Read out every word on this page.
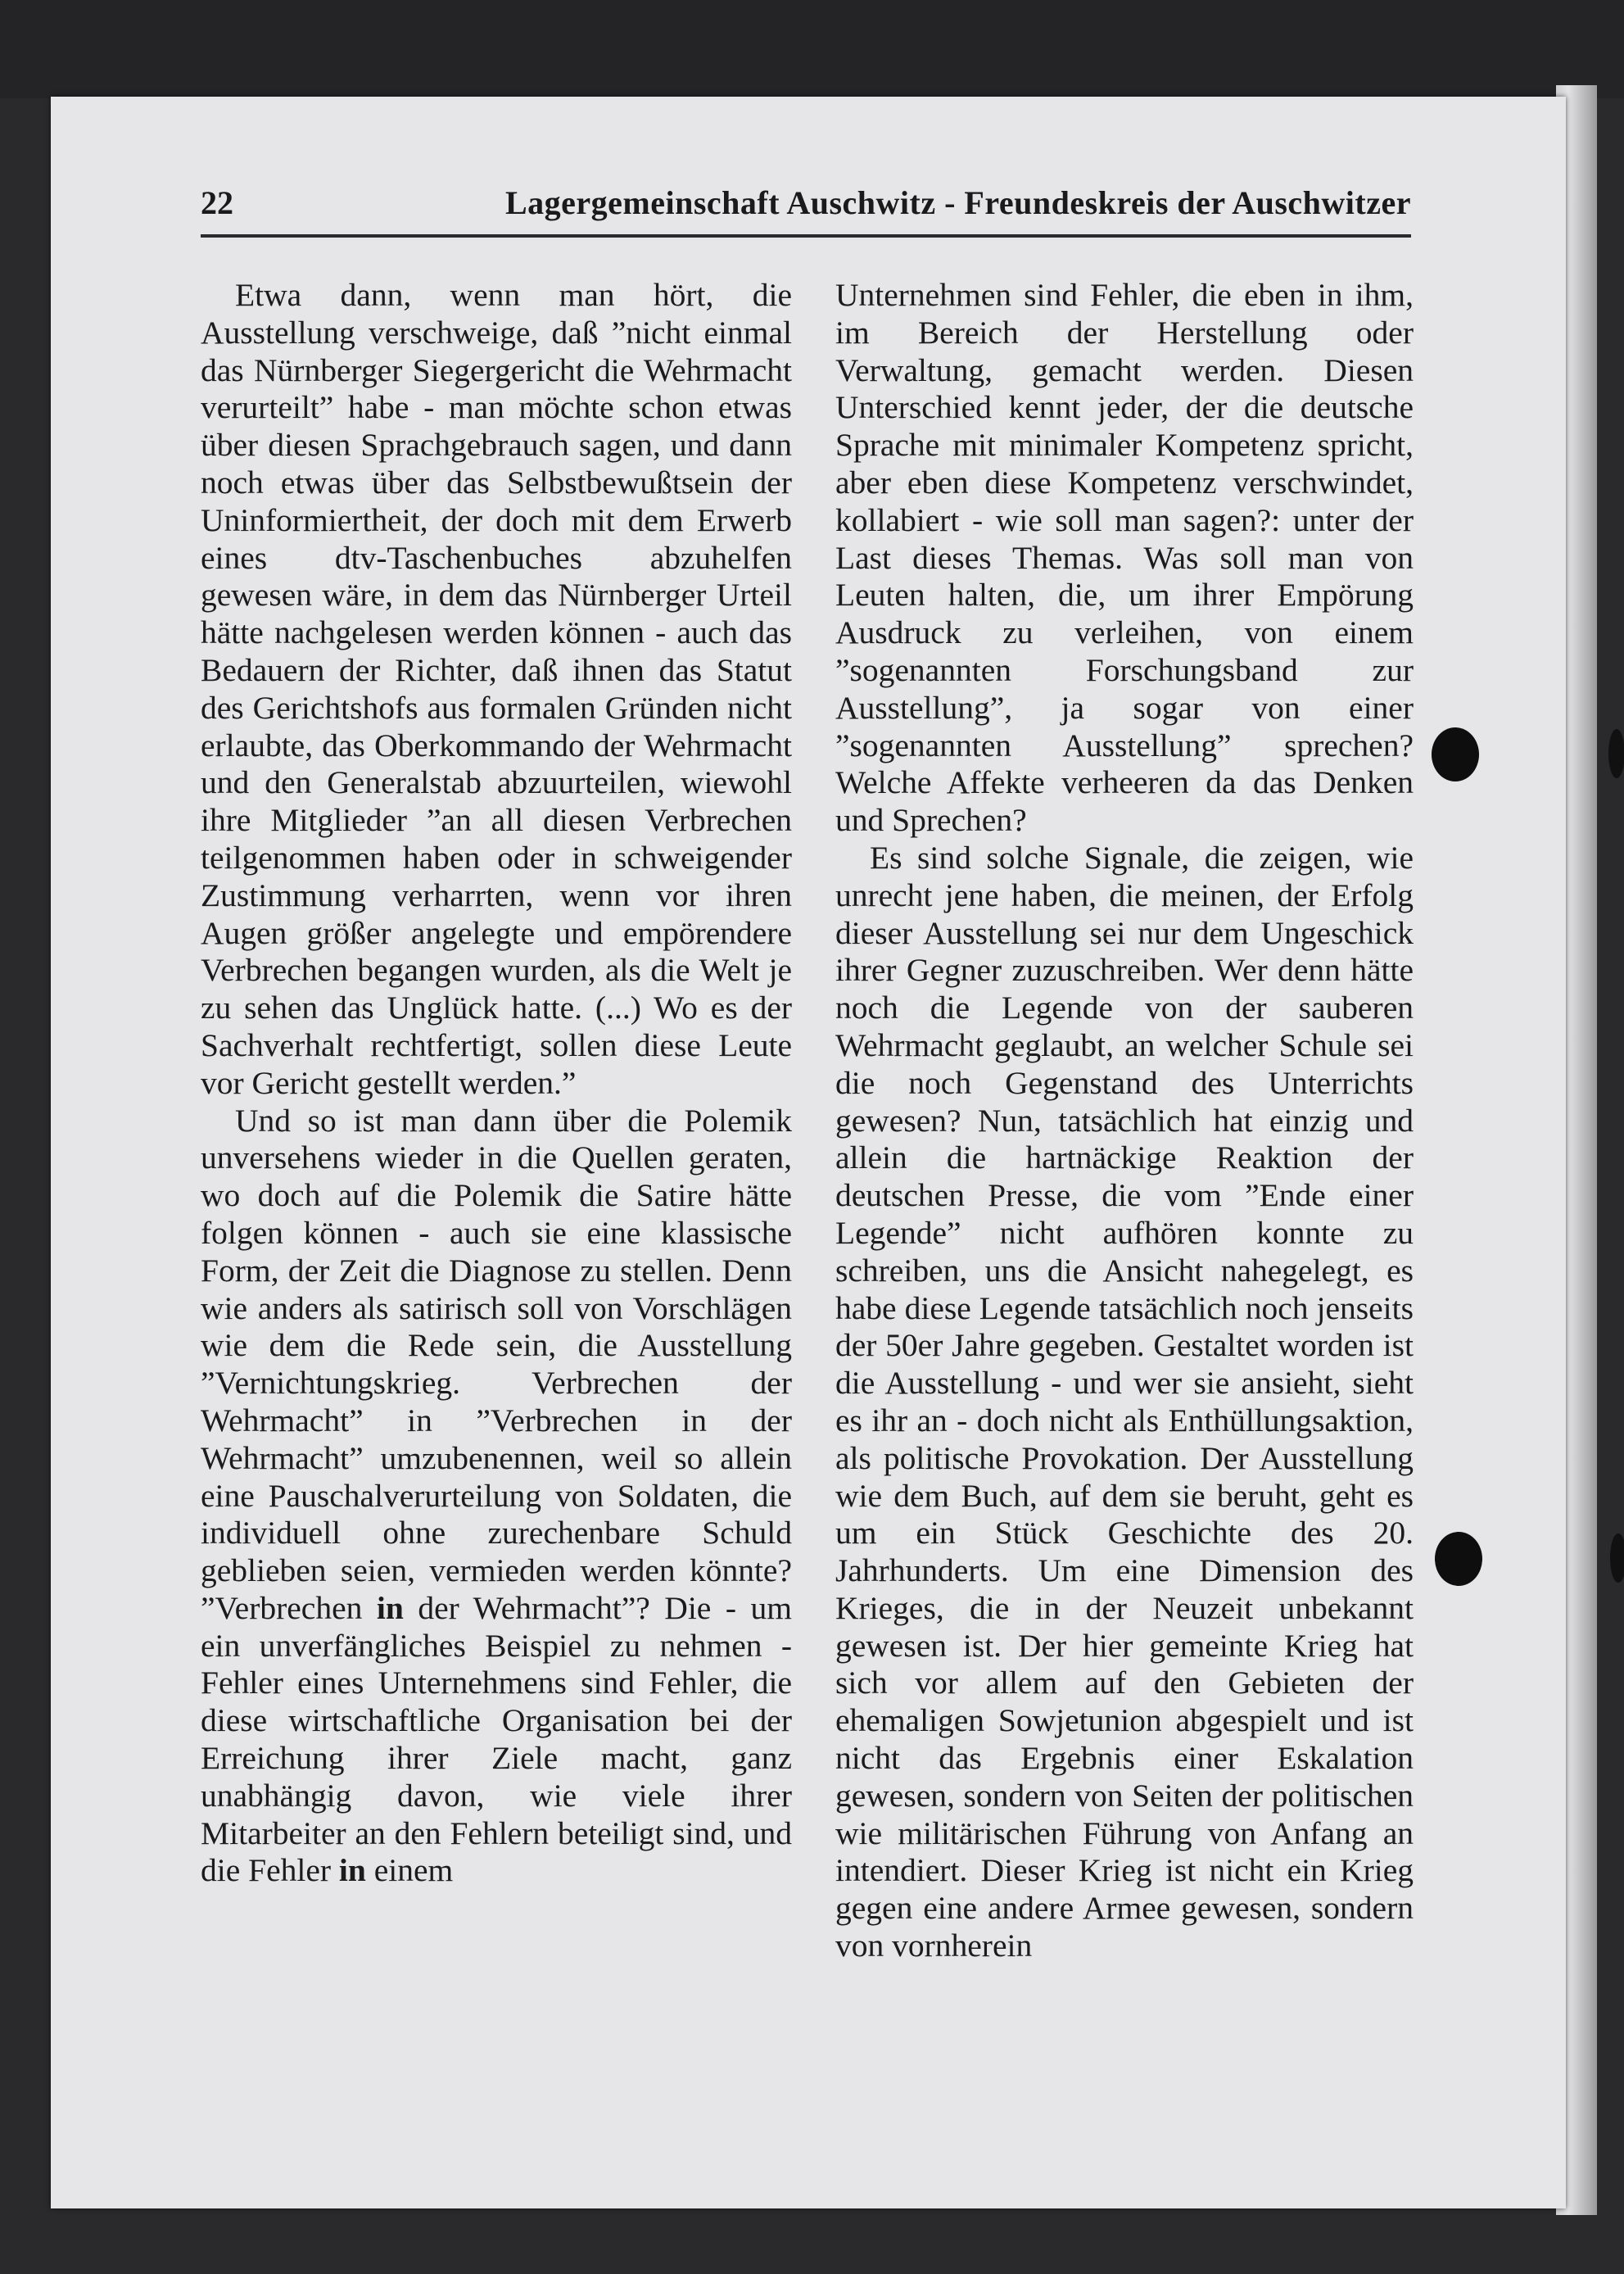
22	Lagergemeinschaft Auschwitz - Freundeskreis der Auschwitzer

Etwa dann, wenn man hört, die Ausstellung verschweige, daß ”nicht einmal das Nürnberger Siegergericht die Wehrmacht verurteilt” habe - man möchte schon etwas über diesen Sprachgebrauch sagen, und dann noch etwas über das Selbstbewußtsein der Uninformiertheit, der doch mit dem Erwerb eines dtv-Taschenbuches abzuhelfen gewesen wäre, in dem das Nürnberger Urteil hätte nachgelesen werden können - auch das Bedauern der Richter, daß ihnen das Statut des Gerichtshofs aus formalen Gründen nicht erlaubte, das Oberkommando der Wehrmacht und den Generalstab abzuurteilen, wiewohl ihre Mitglieder ”an all diesen Verbrechen teilgenommen haben oder in schweigender Zustimmung verharrten, wenn vor ihren Augen größer angelegte und empörendere Verbrechen begangen wurden, als die Welt je zu sehen das Unglück hatte. (...) Wo es der Sachverhalt rechtfertigt, sollen diese Leute vor Gericht gestellt werden.”

Und so ist man dann über die Polemik unversehens wieder in die Quellen geraten, wo doch auf die Polemik die Satire hätte folgen können - auch sie eine klassische Form, der Zeit die Diagnose zu stellen. Denn wie anders als satirisch soll von Vorschlägen wie dem die Rede sein, die Ausstellung ”Vernichtungskrieg. Verbrechen der Wehrmacht” in ”Verbrechen in der Wehrmacht” umzubenennen, weil so allein eine Pauschalverurteilung von Soldaten, die individuell ohne zurechenbare Schuld geblieben seien, vermieden werden könnte? ”Verbrechen in der Wehrmacht”? Die - um ein unverfängliches Beispiel zu nehmen - Fehler eines Unternehmens sind Fehler, die diese wirtschaftliche Organisation bei der Erreichung ihrer Ziele macht, ganz unabhängig davon, wie viele ihrer Mitarbeiter an den Fehlern beteiligt sind, und die Fehler in einem

Unternehmen sind Fehler, die eben in ihm, im Bereich der Herstellung oder Verwaltung, gemacht werden. Diesen Unterschied kennt jeder, der die deutsche Sprache mit minimaler Kompetenz spricht, aber eben diese Kompetenz verschwindet, kollabiert - wie soll man sagen?: unter der Last dieses Themas. Was soll man von Leuten halten, die, um ihrer Empörung Ausdruck zu verleihen, von einem ”sogenannten Forschungsband zur Ausstellung”, ja sogar von einer ”sogenannten Ausstellung” sprechen? Welche Affekte verheeren da das Denken und Sprechen?

Es sind solche Signale, die zeigen, wie unrecht jene haben, die meinen, der Erfolg dieser Ausstellung sei nur dem Ungeschick ihrer Gegner zuzuschreiben. Wer denn hätte noch die Legende von der sauberen Wehrmacht geglaubt, an welcher Schule sei die noch Gegenstand des Unterrichts gewesen? Nun, tatsächlich hat einzig und allein die hartnäckige Reaktion der deutschen Presse, die vom ”Ende einer Legende” nicht aufhören konnte zu schreiben, uns die Ansicht nahegelegt, es habe diese Legende tatsächlich noch jenseits der 50er Jahre gegeben. Gestaltet worden ist die Ausstellung - und wer sie ansieht, sieht es ihr an - doch nicht als Enthüllungsaktion, als politische Provokation. Der Ausstellung wie dem Buch, auf dem sie beruht, geht es um ein Stück Geschichte des 20. Jahrhunderts. Um eine Dimension des Krieges, die in der Neuzeit unbekannt gewesen ist. Der hier gemeinte Krieg hat sich vor allem auf den Gebieten der ehemaligen Sowjetunion abgespielt und ist nicht das Ergebnis einer Eskalation gewesen, sondern von Seiten der politischen wie militärischen Führung von Anfang an intendiert. Dieser Krieg ist nicht ein Krieg gegen eine andere Armee gewesen, sondern von vornherein
